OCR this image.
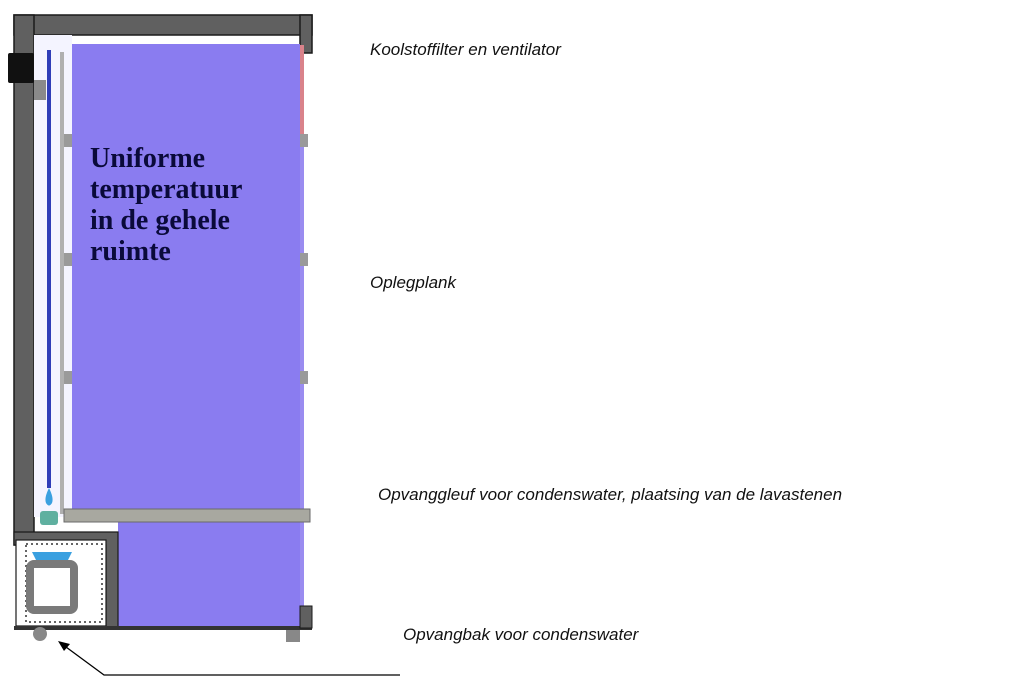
Uniforme
temperatuur
in de gehele
ruimte
Koolstoffilter en ventilator
Oplegplank
Opvanggleuf voor condenswater, plaatsing van de lavastenen
Opvangbak voor condenswater
